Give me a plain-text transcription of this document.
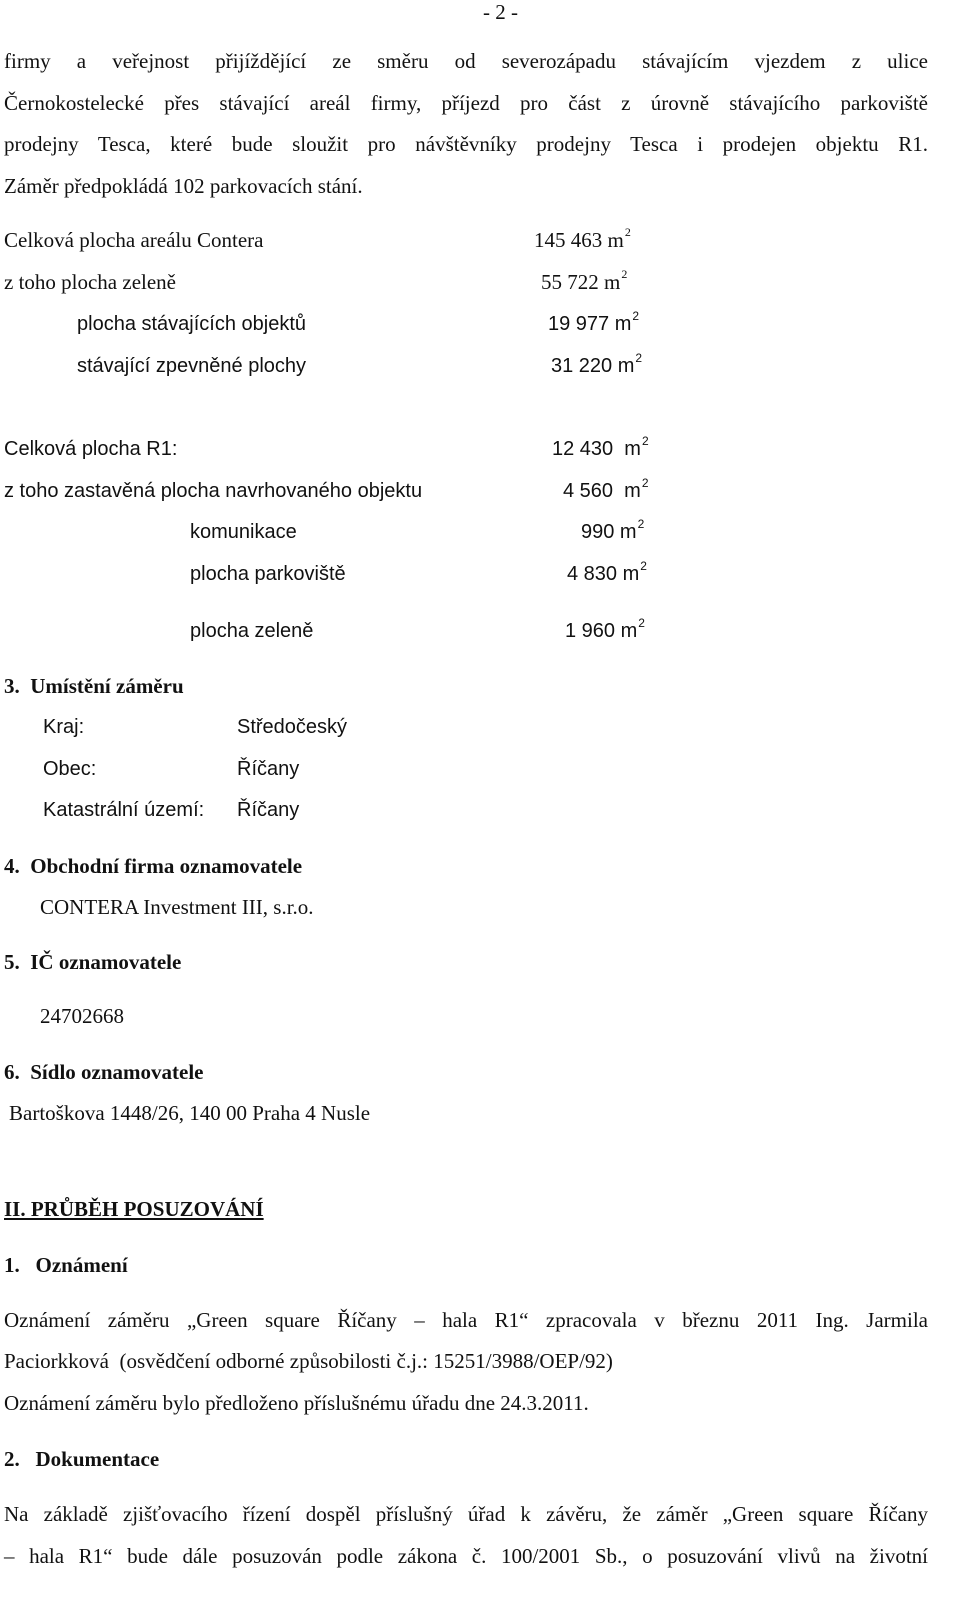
- 2 -
firmy a veřejnost přijíždějící ze směru od severozápadu stávajícím vjezdem z ulice
Černokostelecké přes stávající areál firmy, příjezd pro část z úrovně stávajícího parkoviště
prodejny Tesca, které bude sloužit pro návštěvníky prodejny Tesca i prodejen objektu R1.
Záměr předpokládá 102 parkovacích stání.
Celková plocha areálu Contera	145 463 $m^2$
z toho plocha zeleně	55 722 $m^2$
plocha stávajících objektů	19 977 $m^2$
stávající zpevněné plochy	31 220 $m^2$
Celková plocha R1:	12 430  $m^2$
z toho zastavěná plocha navrhovaného objektu	4 560  $m^2$
komunikace	990 $m^2$
plocha parkoviště	4 830 $m^2$
plocha zeleně	1 960 $m^2$
3.  Umístění záměru
Kraj:	Středočeský
Obec:	Říčany
Katastrální území: Říčany
4.  Obchodní firma oznamovatele
CONTERA Investment III, s.r.o.
5.  IČ oznamovatele
24702668
6.  Sídlo oznamovatele
Bartoškova 1448/26, 140 00 Praha 4 Nusle
II. PRŮBĚH POSUZOVÁNÍ
1.   Oznámení
Oznámení záměru „Green square Říčany – hala R1“ zpracovala v březnu 2011 Ing. Jarmila
Paciorkková  (osvědčení odborné způsobilosti č.j.: 15251/3988/OEP/92)
Oznámení záměru bylo předloženo příslušnému úřadu dne 24.3.2011.
2.   Dokumentace
Na základě zjišťovacího řízení dospěl příslušný úřad k závěru, že záměr „Green square Říčany
– hala R1“ bude dále posuzován podle zákona č. 100/2001 Sb., o posuzování vlivů na životní
